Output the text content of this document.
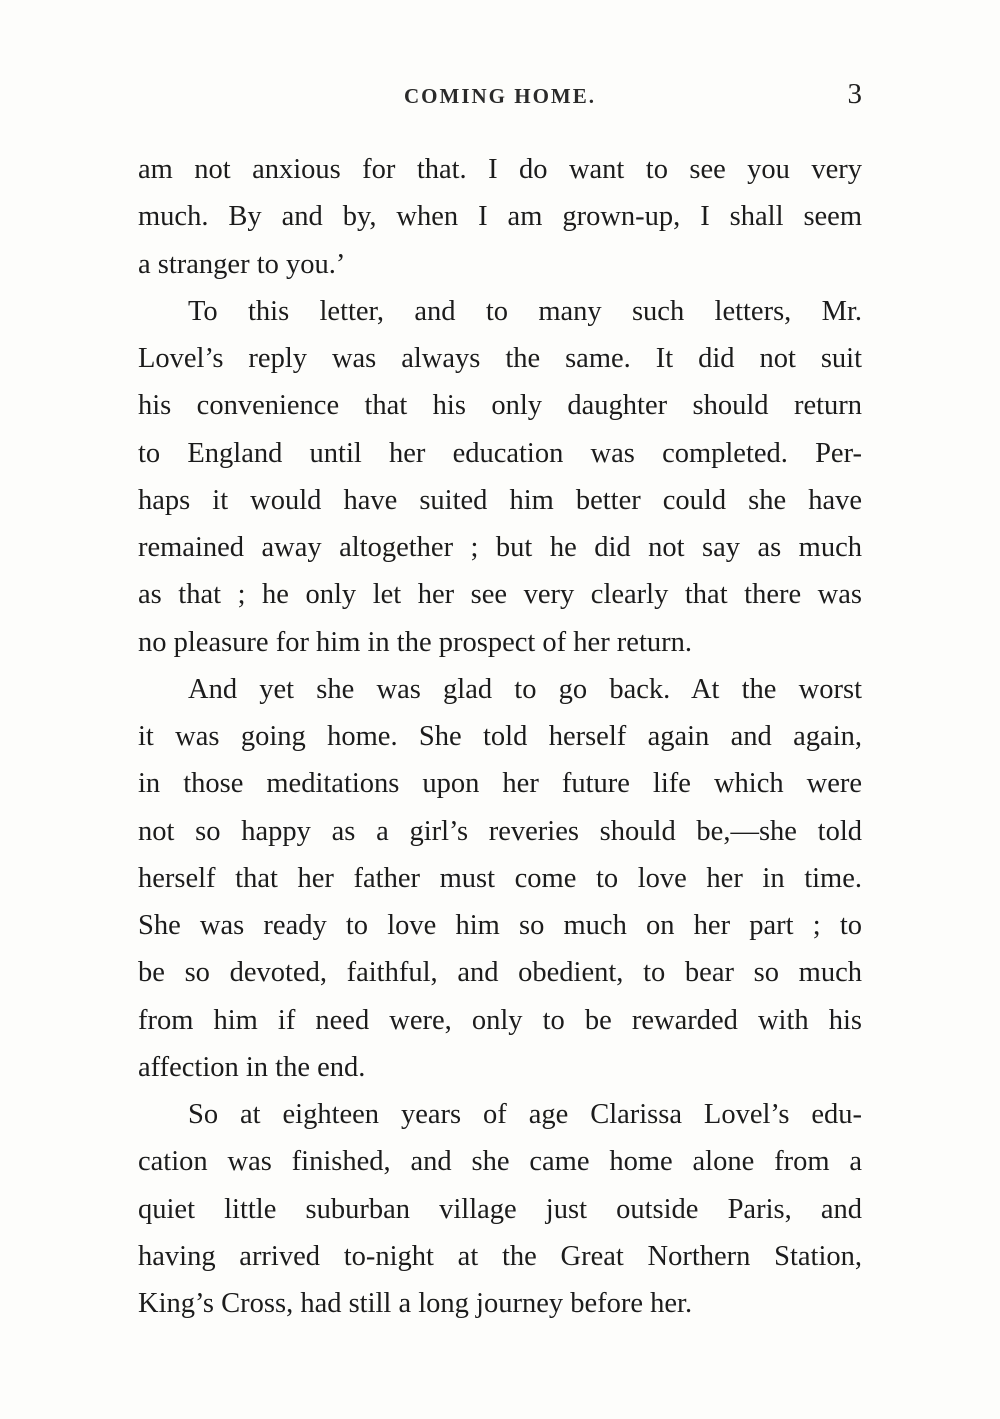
COMING HOME.	3
am not anxious for that. I do want to see you very
much. By and by, when I am grown-up, I shall seem
a stranger to you.’
To this letter, and to many such letters, Mr.
Lovel’s reply was always the same. It did not suit
his convenience that his only daughter should return
to England until her education was completed. Per-
haps it would have suited him better could she have
remained away altogether ; but he did not say as much
as that ; he only let her see very clearly that there was
no pleasure for him in the prospect of her return.
And yet she was glad to go back. At the worst
it was going home. She told herself again and again,
in those meditations upon her future life which were
not so happy as a girl’s reveries should be,—she told
herself that her father must come to love her in time.
She was ready to love him so much on her part ; to
be so devoted, faithful, and obedient, to bear so much
from him if need were, only to be rewarded with his
affection in the end.
So at eighteen years of age Clarissa Lovel’s edu-
cation was finished, and she came home alone from a
quiet little suburban village just outside Paris, and
having arrived to-night at the Great Northern Station,
King’s Cross, had still a long journey before her.
